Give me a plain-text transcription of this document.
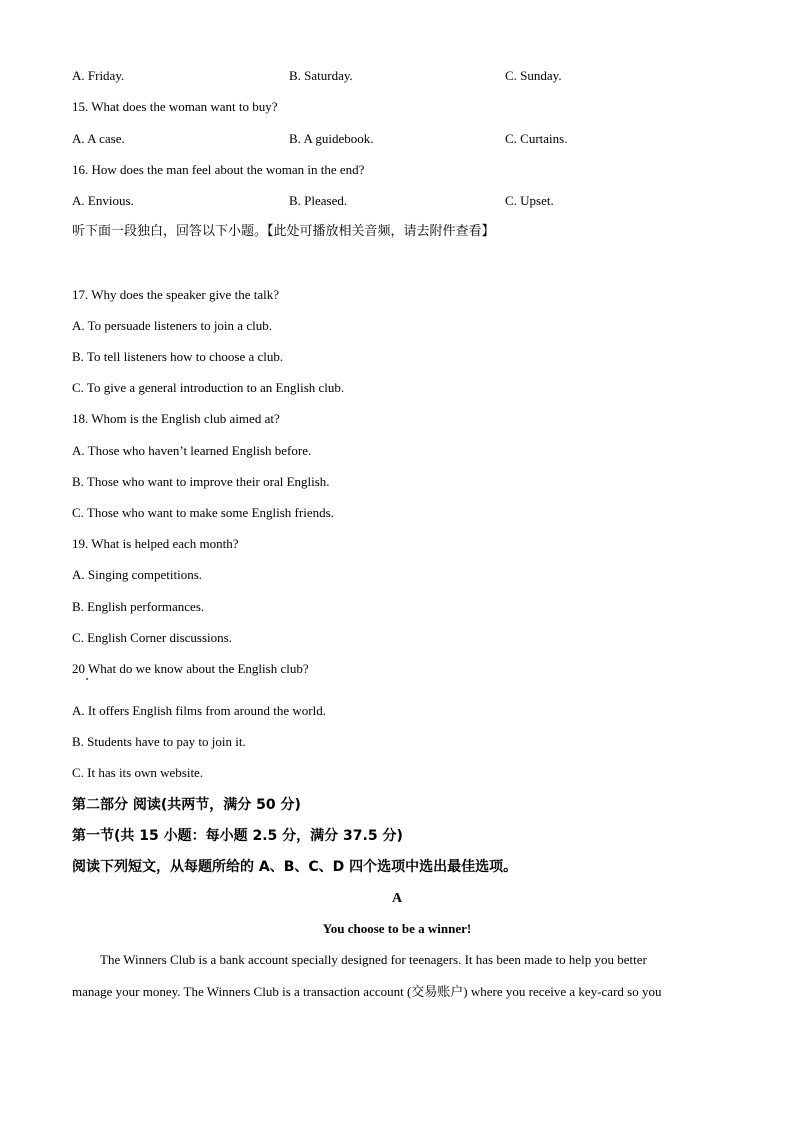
A. Friday.	B. Saturday.	C. Sunday.
15. What does the woman want to buy?
A. A case.	B. A guidebook.	C. Curtains.
16. How does the man feel about the woman in the end?
A. Envious.	B. Pleased.	C. Upset.
听下面一段独白，回答以下小题。【此处可播放相关音频，请去附件查看】
17. Why does the speaker give the talk?
A. To persuade listeners to join a club.
B. To tell listeners how to choose a club.
C. To give a general introduction to an English club.
18. Whom is the English club aimed at?
A. Those who haven’t learned English before.
B. Those who want to improve their oral English.
C. Those who want to make some English friends.
19. What is helped each month?
A. Singing competitions.
B. English performances.
C. English Corner discussions.
20 What do we know about the English club?
A. It offers English films from around the world.
B. Students have to pay to join it.
C. It has its own website.
第二部分 阅读(共两节，满分 50 分)
第一节(共 15 小题：每小题 2.5 分，满分 37.5 分)
阅读下列短文，从每题所给的 A、B、C、D 四个选项中选出最佳选项。
A
You choose to be a winner!
The Winners Club is a bank account specially designed for teenagers. It has been made to help you better
manage your money. The Winners Club is a transaction account (交易账户) where you receive a key-card so you
